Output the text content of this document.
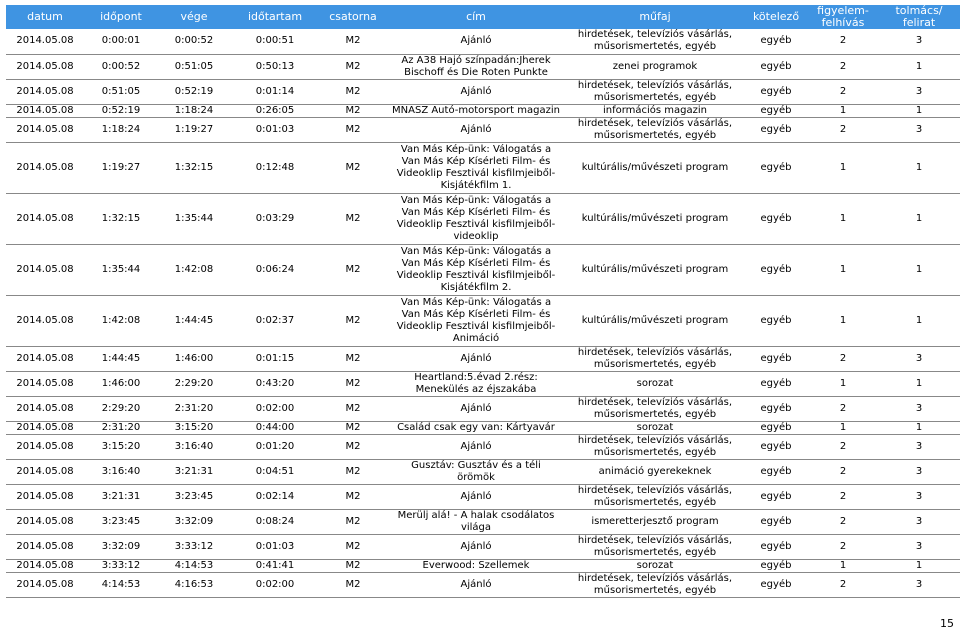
datum	időpont	vége	időtartam	csatorna	cím	műfaj	kötelező	figyelem-
felhívás	tolmács/
felirat
2014.05.08	0:00:01	0:00:52	0:00:51	M2	Ajánló	hirdetések, televíziós vásárlás,
műsorismertetés, egyéb	egyéb	2	3
2014.05.08	0:00:52	0:51:05	0:50:13	M2	Az A38 Hajó színpadán:Jherek
Bischoff és Die Roten Punkte	zenei programok	egyéb	2	1
2014.05.08	0:51:05	0:52:19	0:01:14	M2	Ajánló	hirdetések, televíziós vásárlás,
műsorismertetés, egyéb	egyéb	2	3
2014.05.08	0:52:19	1:18:24	0:26:05	M2	MNASZ Autó-motorsport magazin	információs magazin	egyéb	1	1
2014.05.08	1:18:24	1:19:27	0:01:03	M2	Ajánló	hirdetések, televíziós vásárlás,
műsorismertetés, egyéb	egyéb	2	3
2014.05.08	1:19:27	1:32:15	0:12:48	M2	Van Más Kép-ünk: Válogatás a
Van Más Kép Kísérleti Film- és
Videoklip Fesztivál kisfilmjeiből-
Kisjátékfilm 1.	kultúrális/művészeti program	egyéb	1	1
2014.05.08	1:32:15	1:35:44	0:03:29	M2	Van Más Kép-ünk: Válogatás a
Van Más Kép Kísérleti Film- és
Videoklip Fesztivál kisfilmjeiből-
videoklip	kultúrális/művészeti program	egyéb	1	1
2014.05.08	1:35:44	1:42:08	0:06:24	M2	Van Más Kép-ünk: Válogatás a
Van Más Kép Kísérleti Film- és
Videoklip Fesztivál kisfilmjeiből-
Kisjátékfilm 2.	kultúrális/művészeti program	egyéb	1	1
2014.05.08	1:42:08	1:44:45	0:02:37	M2	Van Más Kép-ünk: Válogatás a
Van Más Kép Kísérleti Film- és
Videoklip Fesztivál kisfilmjeiből-
Animáció	kultúrális/művészeti program	egyéb	1	1
2014.05.08	1:44:45	1:46:00	0:01:15	M2	Ajánló	hirdetések, televíziós vásárlás,
műsorismertetés, egyéb	egyéb	2	3
2014.05.08	1:46:00	2:29:20	0:43:20	M2	Heartland:5.évad 2.rész:
Menekülés az éjszakába	sorozat	egyéb	1	1
2014.05.08	2:29:20	2:31:20	0:02:00	M2	Ajánló	hirdetések, televíziós vásárlás,
műsorismertetés, egyéb	egyéb	2	3
2014.05.08	2:31:20	3:15:20	0:44:00	M2	Család csak egy van: Kártyavár	sorozat	egyéb	1	1
2014.05.08	3:15:20	3:16:40	0:01:20	M2	Ajánló	hirdetések, televíziós vásárlás,
műsorismertetés, egyéb	egyéb	2	3
2014.05.08	3:16:40	3:21:31	0:04:51	M2	Gusztáv: Gusztáv és a téli
örömök	animáció gyerekeknek	egyéb	2	3
2014.05.08	3:21:31	3:23:45	0:02:14	M2	Ajánló	hirdetések, televíziós vásárlás,
műsorismertetés, egyéb	egyéb	2	3
2014.05.08	3:23:45	3:32:09	0:08:24	M2	Merülj alá! - A halak csodálatos
világa	ismeretterjesztő program	egyéb	2	3
2014.05.08	3:32:09	3:33:12	0:01:03	M2	Ajánló	hirdetések, televíziós vásárlás,
műsorismertetés, egyéb	egyéb	2	3
2014.05.08	3:33:12	4:14:53	0:41:41	M2	Everwood: Szellemek	sorozat	egyéb	1	1
2014.05.08	4:14:53	4:16:53	0:02:00	M2	Ajánló	hirdetések, televíziós vásárlás,
műsorismertetés, egyéb	egyéb	2	3
15
